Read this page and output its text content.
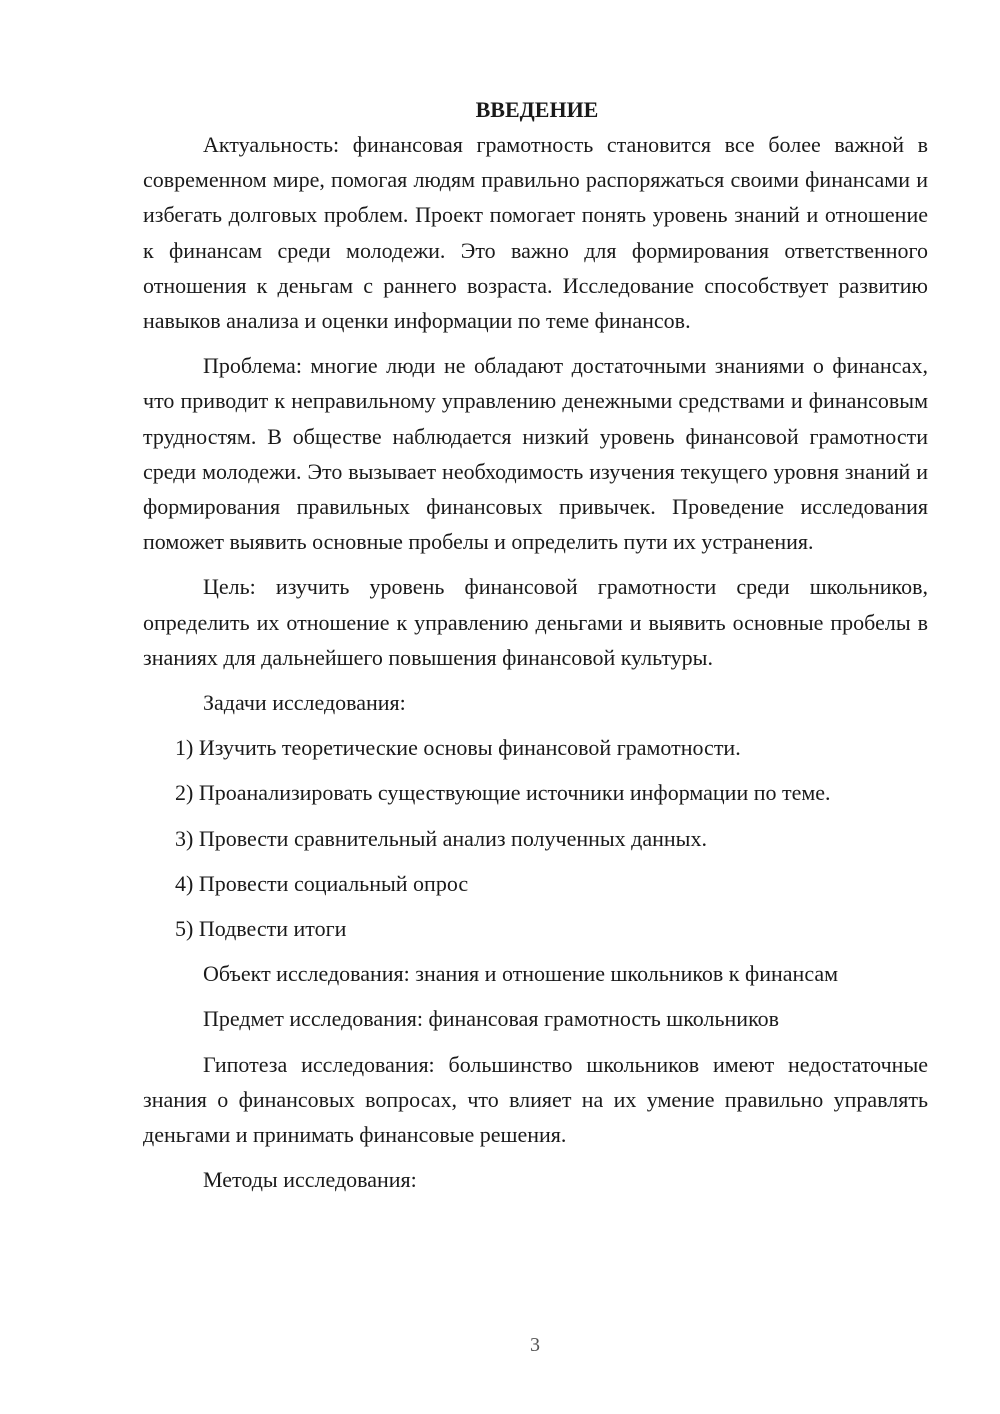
ВВЕДЕНИЕ

Актуальность: финансовая грамотность становится все более важной в современном мире, помогая людям правильно распоряжаться своими финансами и избегать долговых проблем. Проект помогает понять уровень знаний и отношение к финансам среди молодежи. Это важно для формирования ответственного отношения к деньгам с раннего возраста. Исследование способствует развитию навыков анализа и оценки информации по теме финансов.

Проблема: многие люди не обладают достаточными знаниями о финансах, что приводит к неправильному управлению денежными средствами и финансовым трудностям. В обществе наблюдается низкий уровень финансовой грамотности среди молодежи. Это вызывает необходимость изучения текущего уровня знаний и формирования правильных финансовых привычек. Проведение исследования поможет выявить основные пробелы и определить пути их устранения.

Цель: изучить уровень финансовой грамотности среди школьников, определить их отношение к управлению деньгами и выявить основные пробелы в знаниях для дальнейшего повышения финансовой культуры.

Задачи исследования:

1) Изучить теоретические основы финансовой грамотности.

2) Проанализировать существующие источники информации по теме.

3) Провести сравнительный анализ полученных данных.

4) Провести социальный опрос

5) Подвести итоги

Объект исследования: знания и отношение школьников к финансам

Предмет исследования: финансовая грамотность школьников

Гипотеза исследования: большинство школьников имеют недостаточные знания о финансовых вопросах, что влияет на их умение правильно управлять деньгами и принимать финансовые решения.

Методы исследования:

3
